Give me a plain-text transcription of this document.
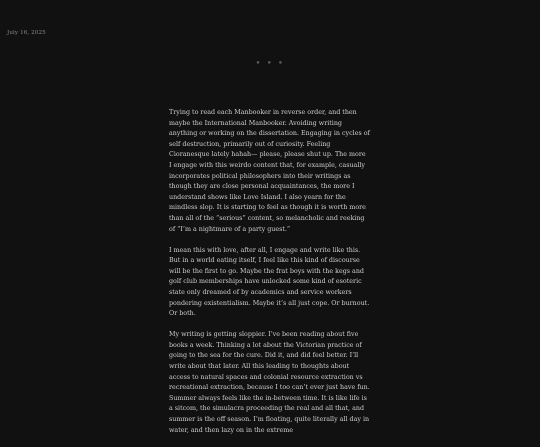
July 16, 2025
• • •

Trying to read each Manbooker in reverse order, and then maybe the International Manbooker. Avoiding writing anything or working on the dissertation. Engaging in cycles of self destruction, primarily out of curiosity. Feeling Cioranesque lately hahah— please, please shut up. The more I engage with this weirdo content that, for example, casually incorporates political philosophers into their writings as though they are close personal acquaintances, the more I understand shows like Love Island. I also yearn for the mindless slop. It is starting to feel as though it is worth more than all of the “serious” content, so melancholic and reeking of “I’m a nightmare of a party guest.”

I mean this with love, after all, I engage and write like this. But in a world eating itself, I feel like this kind of discourse will be the first to go. Maybe the frat boys with the kegs and golf club memberships have unlocked some kind of esoteric state only dreamed of by academics and service workers pondering existentialism. Maybe it’s all just cope. Or burnout. Or both.

My writing is getting sloppier. I’ve been reading about five books a week. Thinking a lot about the Victorian practice of going to the sea for the cure. Did it, and did feel better. I’ll write about that later. All this leading to thoughts about access to natural spaces and colonial resource extraction vs recreational extraction, because I too can’t ever just have fun. Summer always feels like the in-between time. It is like life is a sitcom, the simulacra proceeding the real and all that, and summer is the off season. I’m floating, quite literally all day in water, and then lazy on in the extreme
